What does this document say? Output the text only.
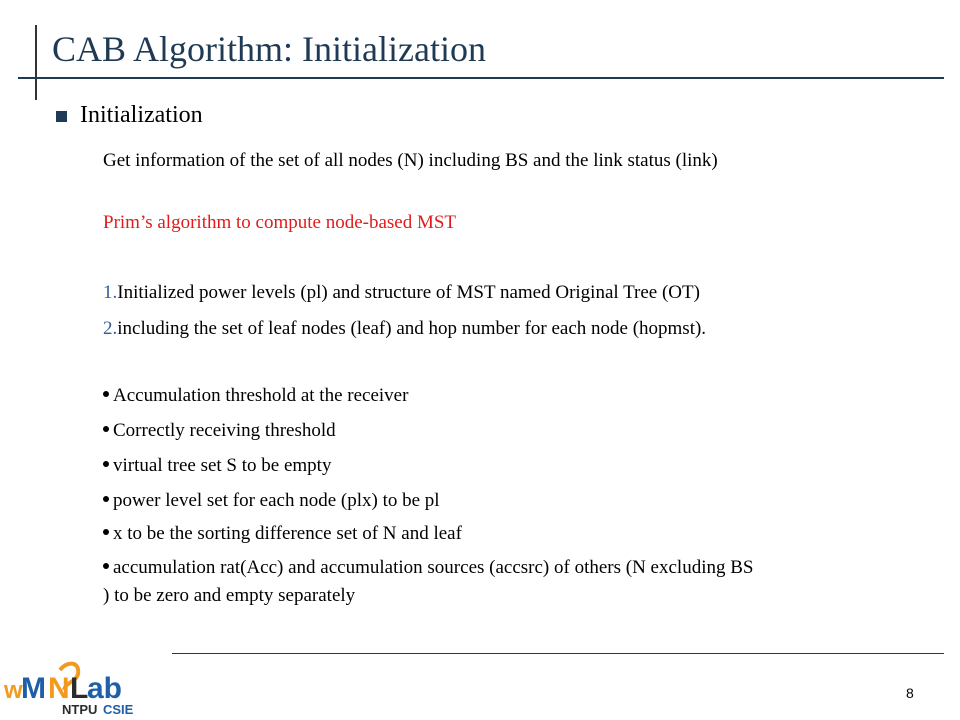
CAB Algorithm: Initialization
Initialization
Get information of the set of all nodes (N) including BS and the link status (link)
Prim’s algorithm to compute node-based MST
1.Initialized power levels (pl) and structure of MST named Original Tree (OT)
2.including the set of leaf nodes (leaf) and hop number for each node (hopmst).
Accumulation threshold at the receiver
Correctly receiving threshold
virtual tree set S to be empty
power level set for each node (plx) to be pl
x to be the sorting difference set of N and leaf
accumulation rat(Acc) and accumulation sources (accsrc) of others (N excluding BS
) to be zero and empty separately
8
w
M N L
ab
NTPU CSIE
